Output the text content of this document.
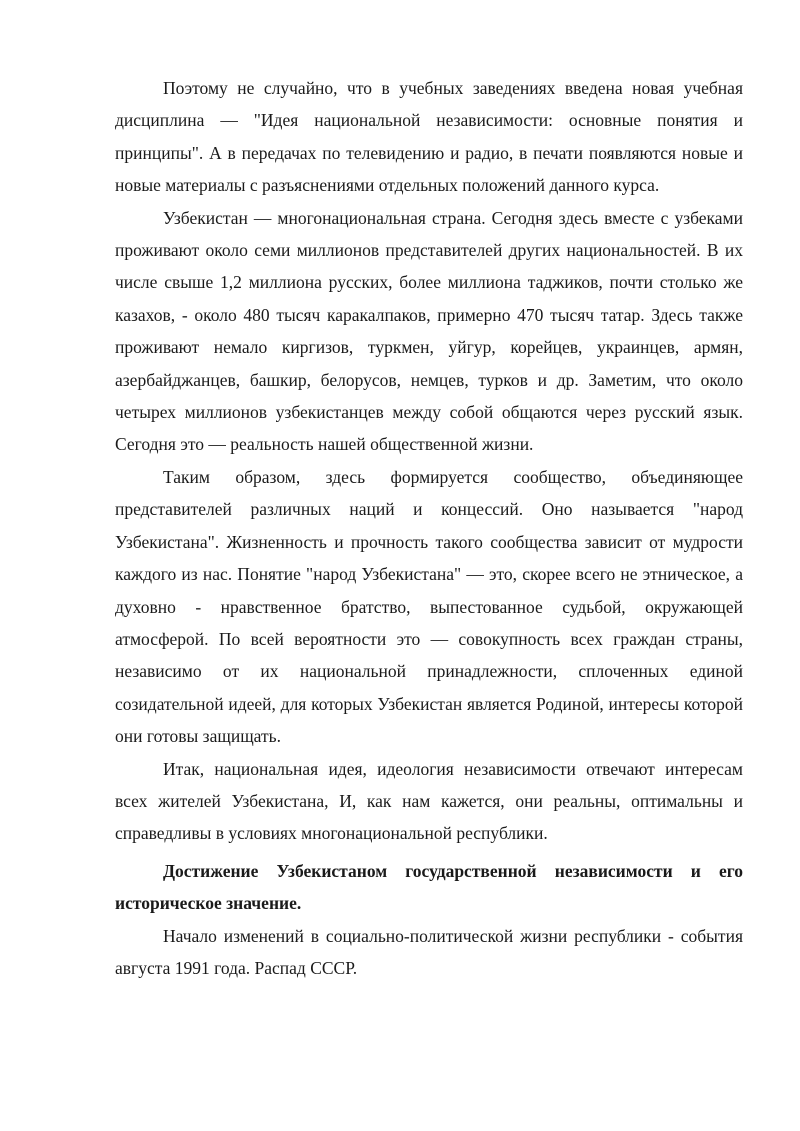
Поэтому не случайно, что в учебных заведениях введена новая учебная дисциплина — "Идея национальной независимости: основные понятия и принципы". А в передачах по телевидению и радио, в печати появляются новые и новые материалы с разъяснениями отдельных положений данного курса.

Узбекистан — многонациональная страна. Сегодня здесь вместе с узбеками проживают около семи миллионов представителей других национальностей. В их числе свыше 1,2 миллиона русских, более миллиона таджиков, почти столько же казахов, - около 480 тысяч каракалпаков, примерно 470 тысяч татар. Здесь также проживают немало киргизов, туркмен, уйгур, корейцев, украинцев, армян, азербайджанцев, башкир, белорусов, немцев, турков и др. Заметим, что около четырех миллионов узбекистанцев между собой общаются через русский язык. Сегодня это — реальность нашей общественной жизни.

Таким образом, здесь формируется сообщество, объединяющее представителей различных наций и концессий. Оно называется "народ Узбекистана". Жизненность и прочность такого сообщества зависит от мудрости каждого из нас. Понятие "народ Узбекистана" — это, скорее всего не этническое, а духовно - нравственное братство, выпестованное судьбой, окружающей атмосферой. По всей вероятности это — совокупность всех граждан страны, независимо от их национальной принадлежности, сплоченных единой созидательной идеей, для которых Узбекистан является Родиной, интересы которой они готовы защищать.

Итак, национальная идея, идеология независимости отвечают интересам всех жителей Узбекистана, И, как нам кажется, они реальны, оптимальны и справедливы в условиях многонациональной республики.

Достижение Узбекистаном государственной независимости и его историческое значение.

Начало изменений в социально-политической жизни республики - события августа 1991 года. Распад СССР.
